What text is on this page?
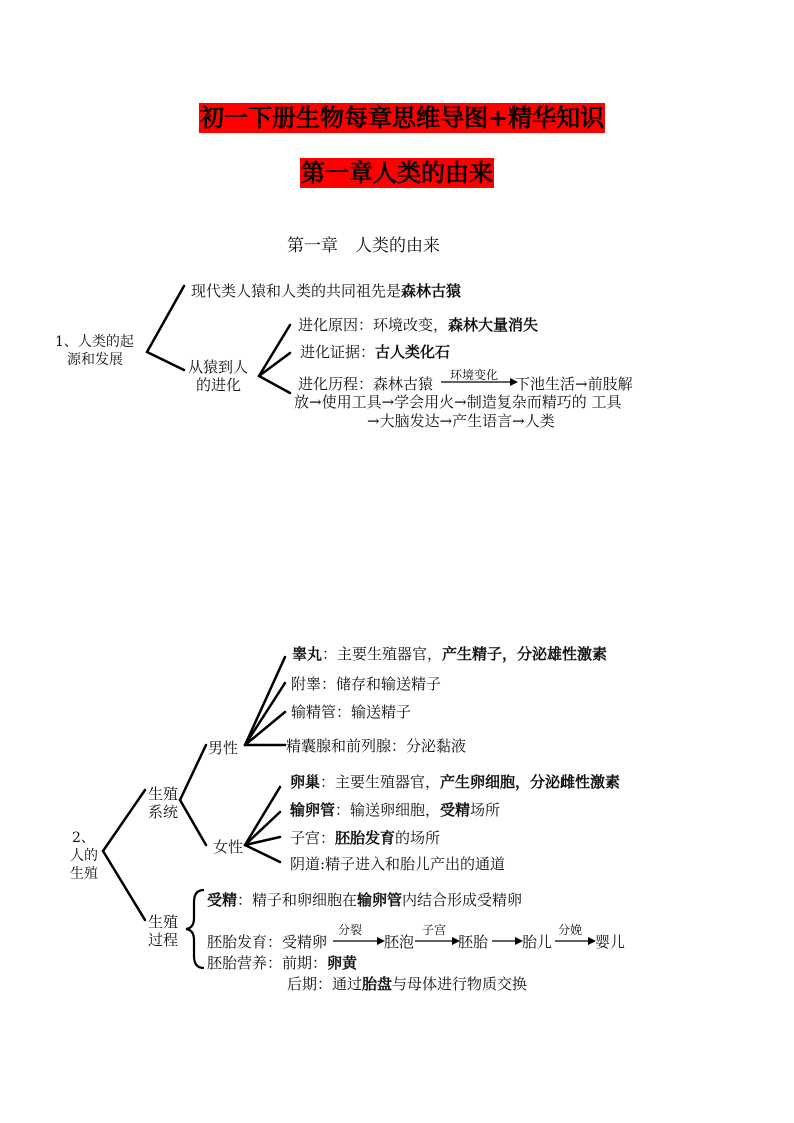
初一下册生物每章思维导图+精华知识
第一章人类的由来
第一章　人类的由来
1、人类的起
源和发展
现代类人猿和人类的共同祖先是森林古猿
从猿到人
的进化
进化原因：环境改变，森林大量消失
进化证据：古人类化石
进化历程：森林古猿 环境变化 下池生活→前肢解
放→使用工具→学会用火→制造复杂而精巧的 工具
→大脑发达→产生语言→人类
2、
人的
生殖
生殖
系统
男性
女性
睾丸：主要生殖器官，产生精子，分泌雄性激素
附睾：储存和输送精子
输精管：输送精子
精囊腺和前列腺：分泌黏液
卵巢：主要生殖器官，产生卵细胞，分泌雌性激素
输卵管：输送卵细胞，受精场所
子宫：胚胎发育的场所
阴道:精子进入和胎儿产出的通道
生殖
过程
受精：精子和卵细胞在输卵管内结合形成受精卵
胚胎发育：受精卵
分裂
胚泡
子宫
胚胎 胎儿
分娩
婴儿
胚胎营养：前期：卵黄
后期：通过胎盘与母体进行物质交换
